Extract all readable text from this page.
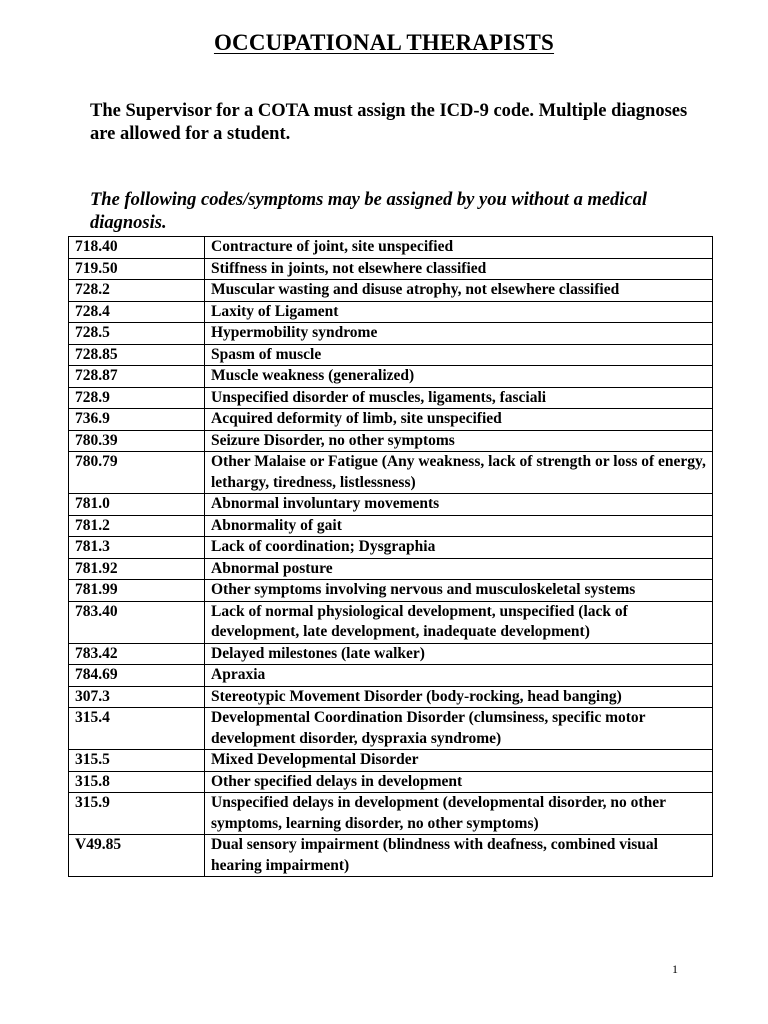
OCCUPATIONAL THERAPISTS
The Supervisor for a COTA must assign the ICD-9 code. Multiple diagnoses are allowed for a student.
The following codes/symptoms may be assigned by you without a medical diagnosis.
718.40	Contracture of joint, site unspecified
719.50	Stiffness in joints, not elsewhere classified
728.2	Muscular wasting and disuse atrophy, not elsewhere classified
728.4	Laxity of Ligament
728.5	Hypermobility syndrome
728.85	Spasm of muscle
728.87	Muscle weakness (generalized)
728.9	Unspecified disorder of muscles, ligaments, fasciali
736.9	Acquired deformity of limb, site unspecified
780.39	Seizure Disorder, no other symptoms
780.79	Other Malaise or Fatigue (Any weakness, lack of strength or loss of energy, lethargy, tiredness, listlessness)
781.0	Abnormal involuntary movements
781.2	Abnormality of gait
781.3	Lack of coordination; Dysgraphia
781.92	Abnormal posture
781.99	Other symptoms involving nervous and musculoskeletal systems
783.40	Lack of normal physiological development, unspecified (lack of development, late development, inadequate development)
783.42	Delayed milestones (late walker)
784.69	Apraxia
307.3	Stereotypic Movement Disorder (body-rocking, head banging)
315.4	Developmental Coordination Disorder (clumsiness, specific motor development disorder, dyspraxia syndrome)
315.5	Mixed Developmental Disorder
315.8	Other specified delays in development
315.9	Unspecified delays in development (developmental disorder, no other symptoms, learning disorder, no other symptoms)
V49.85	Dual sensory impairment (blindness with deafness, combined visual hearing impairment)
1
